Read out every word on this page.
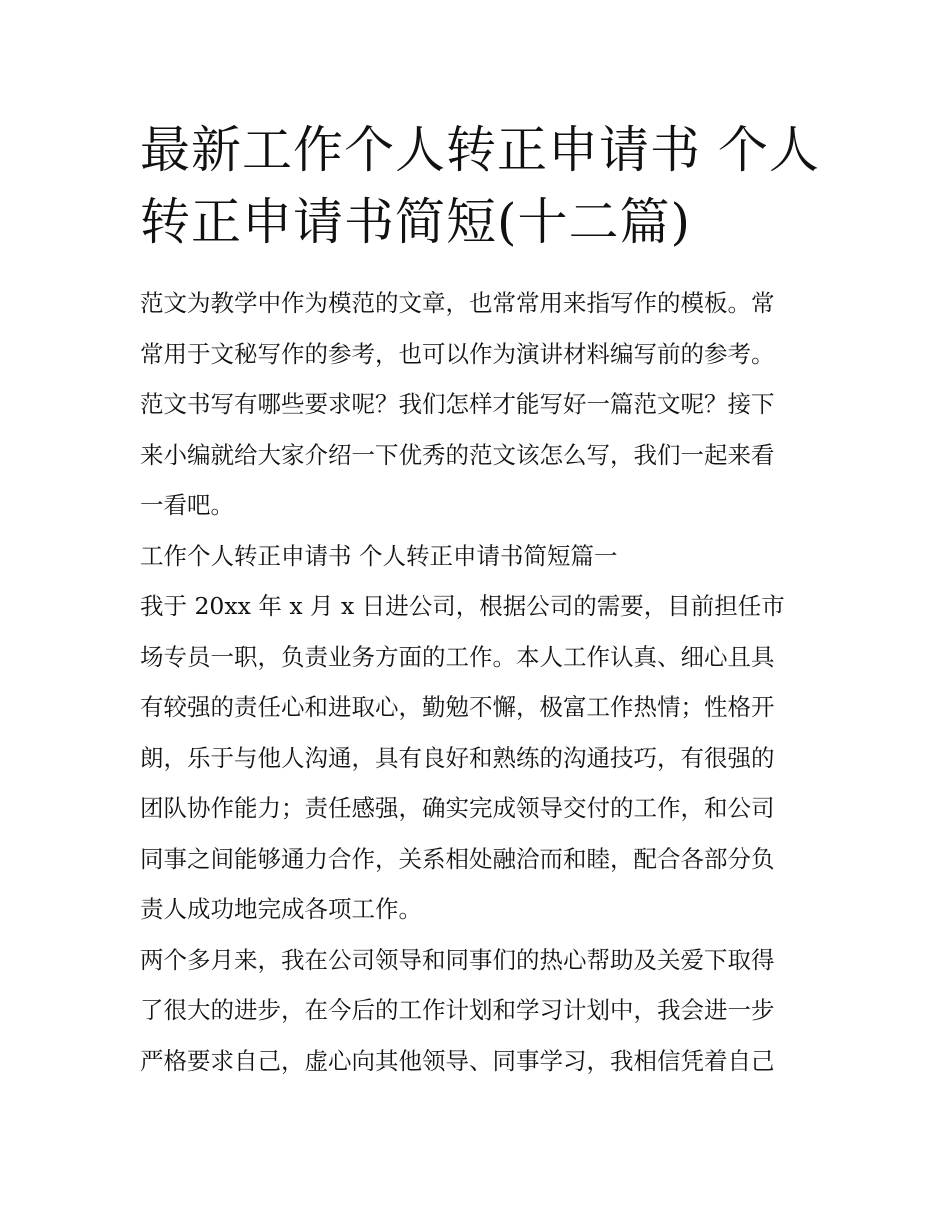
最新工作个人转正申请书 个人
转正申请书简短(十二篇)
范文为教学中作为模范的文章，也常常用来指写作的模板。常
常用于文秘写作的参考，也可以作为演讲材料编写前的参考。
范文书写有哪些要求呢？我们怎样才能写好一篇范文呢？接下
来小编就给大家介绍一下优秀的范文该怎么写，我们一起来看
一看吧。
工作个人转正申请书 个人转正申请书简短篇一
我于 20xx 年 x 月 x 日进公司，根据公司的需要，目前担任市
场专员一职，负责业务方面的工作。本人工作认真、细心且具
有较强的责任心和进取心，勤勉不懈，极富工作热情；性格开
朗，乐于与他人沟通，具有良好和熟练的沟通技巧，有很强的
团队协作能力；责任感强，确实完成领导交付的工作，和公司
同事之间能够通力合作，关系相处融洽而和睦，配合各部分负
责人成功地完成各项工作。
两个多月来，我在公司领导和同事们的热心帮助及关爱下取得
了很大的进步，在今后的工作计划和学习计划中，我会进一步
严格要求自己，虚心向其他领导、同事学习，我相信凭着自己
